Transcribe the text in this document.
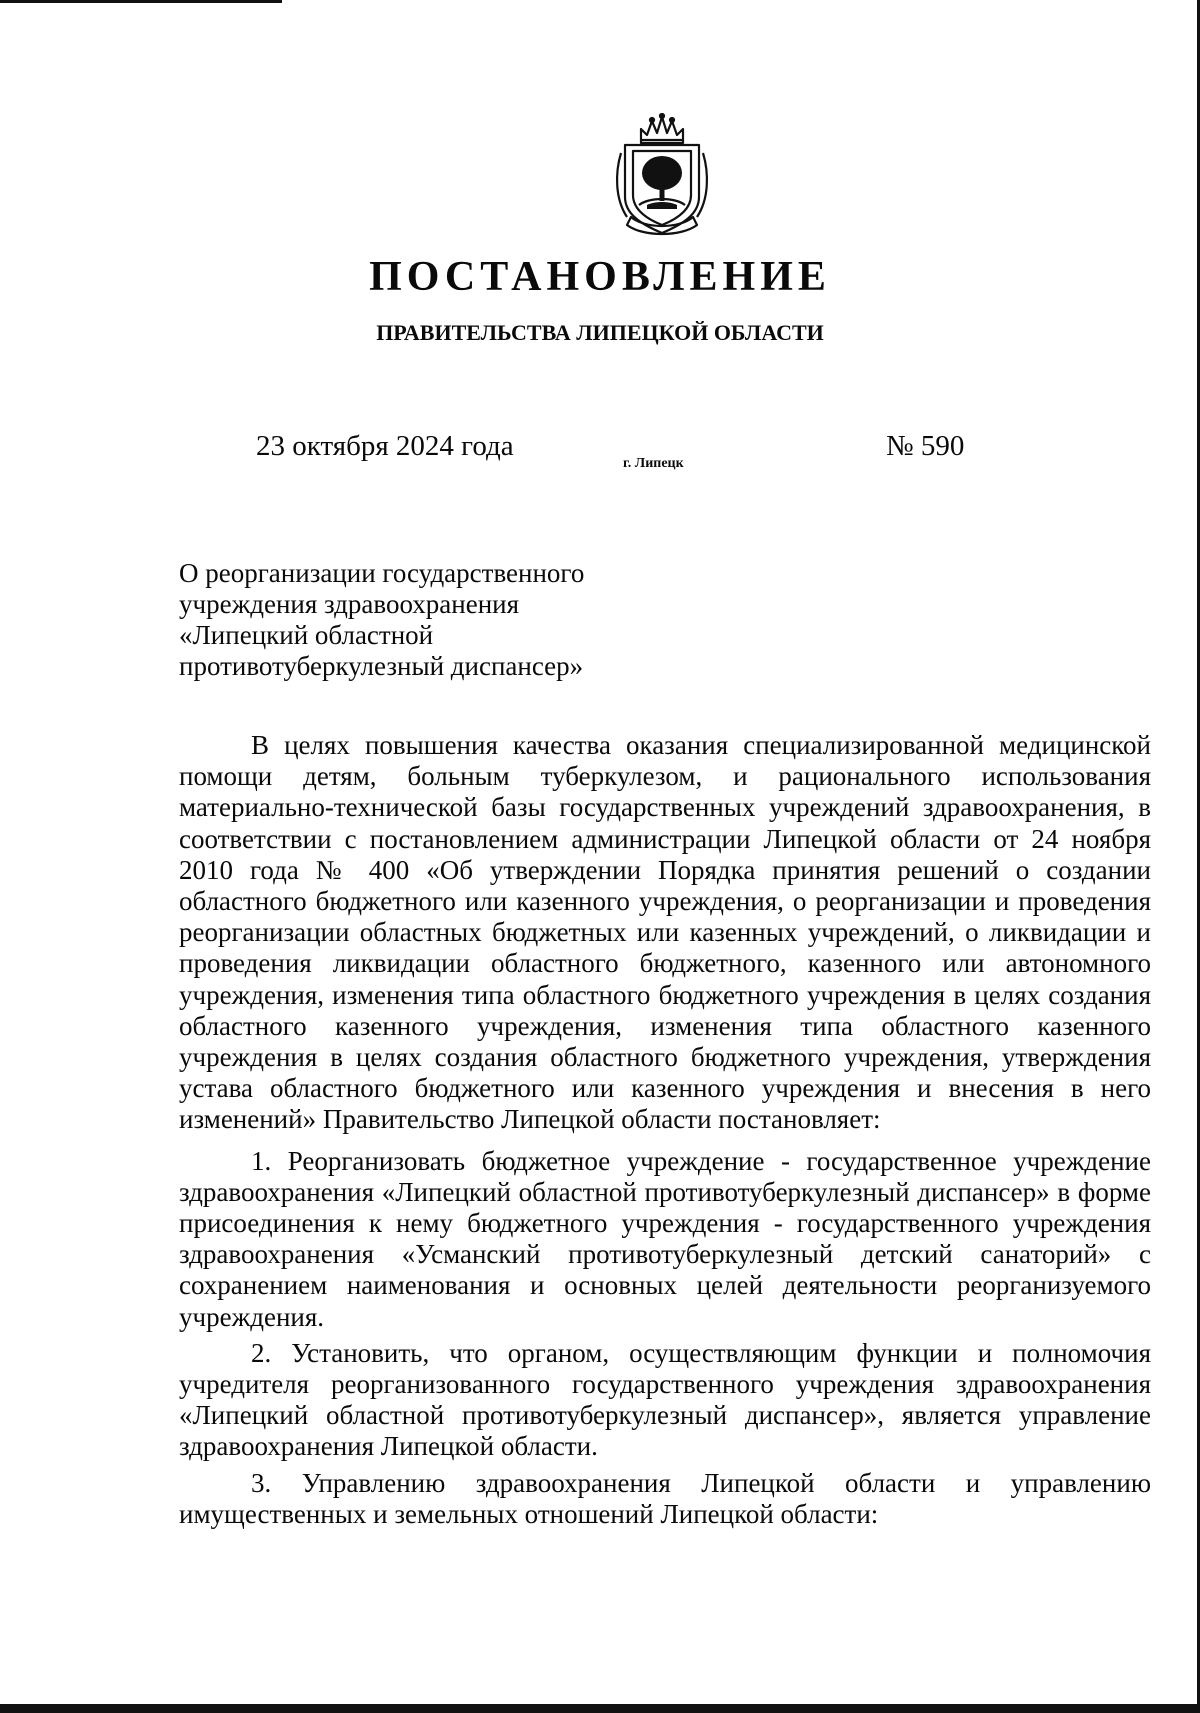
ПОСТАНОВЛЕНИЕ
ПРАВИТЕЛЬСТВА ЛИПЕЦКОЙ ОБЛАСТИ
23 октября 2024 года
г. Липецк
№ 590
О реорганизации государственного
учреждения здравоохранения
«Липецкий областной
противотуберкулезный диспансер»

В целях повышения качества оказания специализированной медицинской помощи детям, больным туберкулезом, и рационального использования материально-технической базы государственных учреждений здравоохранения, в соответствии с постановлением администрации Липецкой области от 24 ноября 2010 года № 400 «Об утверждении Порядка принятия решений о создании областного бюджетного или казенного учреждения, о реорганизации и проведения реорганизации областных бюджетных или казенных учреждений, о ликвидации и проведения ликвидации областного бюджетного, казенного или автономного учреждения, изменения типа областного бюджетного учреждения в целях создания областного казенного учреждения, изменения типа областного казенного учреждения в целях создания областного бюджетного учреждения, утверждения устава областного бюджетного или казенного учреждения и внесения в него изменений» Правительство Липецкой области постановляет:

1. Реорганизовать бюджетное учреждение - государственное учреждение здравоохранения «Липецкий областной противотуберкулезный диспансер» в форме присоединения к нему бюджетного учреждения - государственного учреждения здравоохранения «Усманский противотуберкулезный детский санаторий» с сохранением наименования и основных целей деятельности реорганизуемого учреждения.

2. Установить, что органом, осуществляющим функции и полномочия учредителя реорганизованного государственного учреждения здравоохранения «Липецкий областной противотуберкулезный диспансер», является управление здравоохранения Липецкой области.

3. Управлению здравоохранения Липецкой области и управлению имущественных и земельных отношений Липецкой области:
